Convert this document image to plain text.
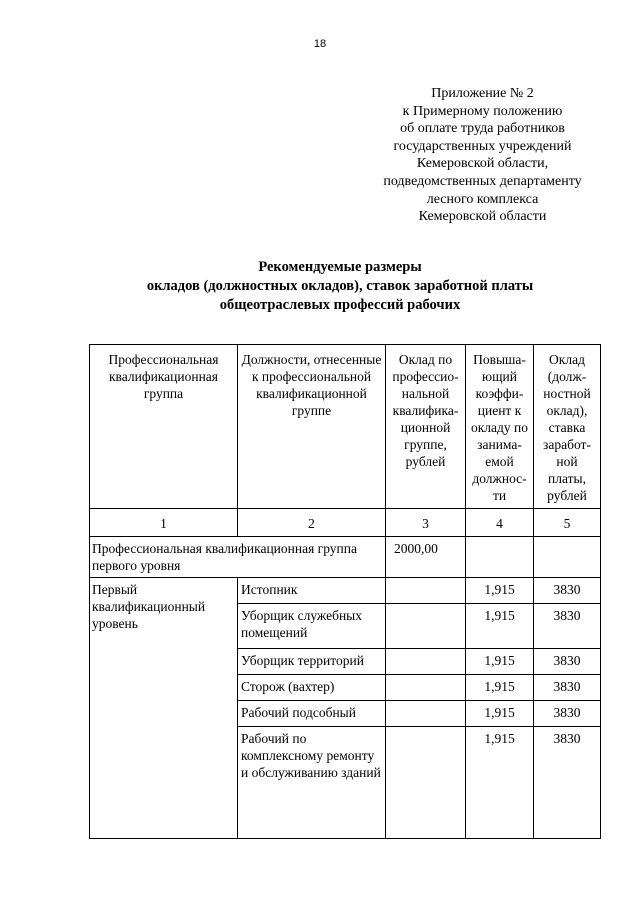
18
Приложение № 2
к Примерному положению
об оплате труда работников
государственных учреждений
Кемеровской области,
подведомственных департаменту
лесного комплекса
Кемеровской области
Рекомендуемые размеры
окладов (должностных окладов), ставок заработной платы
общеотраслевых профессий рабочих
Профессиональная квалификационная группа	Должности, отнесенные к профессиональной квалификационной группе	Оклад по профессио-нальной квалифика-ционной группе, рублей	Повыша-ющий коэффи-циент к окладу по занима-емой должнос-ти	Оклад (долж-ностной оклад), ставка заработ-ной платы, рублей
1	2	3	4	5
Профессиональная квалификационная группа   первого уровня		2000,00		
Первый квалификационный уровень	Истопник		1,915	3830
	Уборщик служебных помещений		1,915	3830
	Уборщик территорий		1,915	3830
	Сторож (вахтер)		1,915	3830
	Рабочий подсобный		1,915	3830
	Рабочий по комплексному ремонту и обслуживанию зданий		1,915	3830
